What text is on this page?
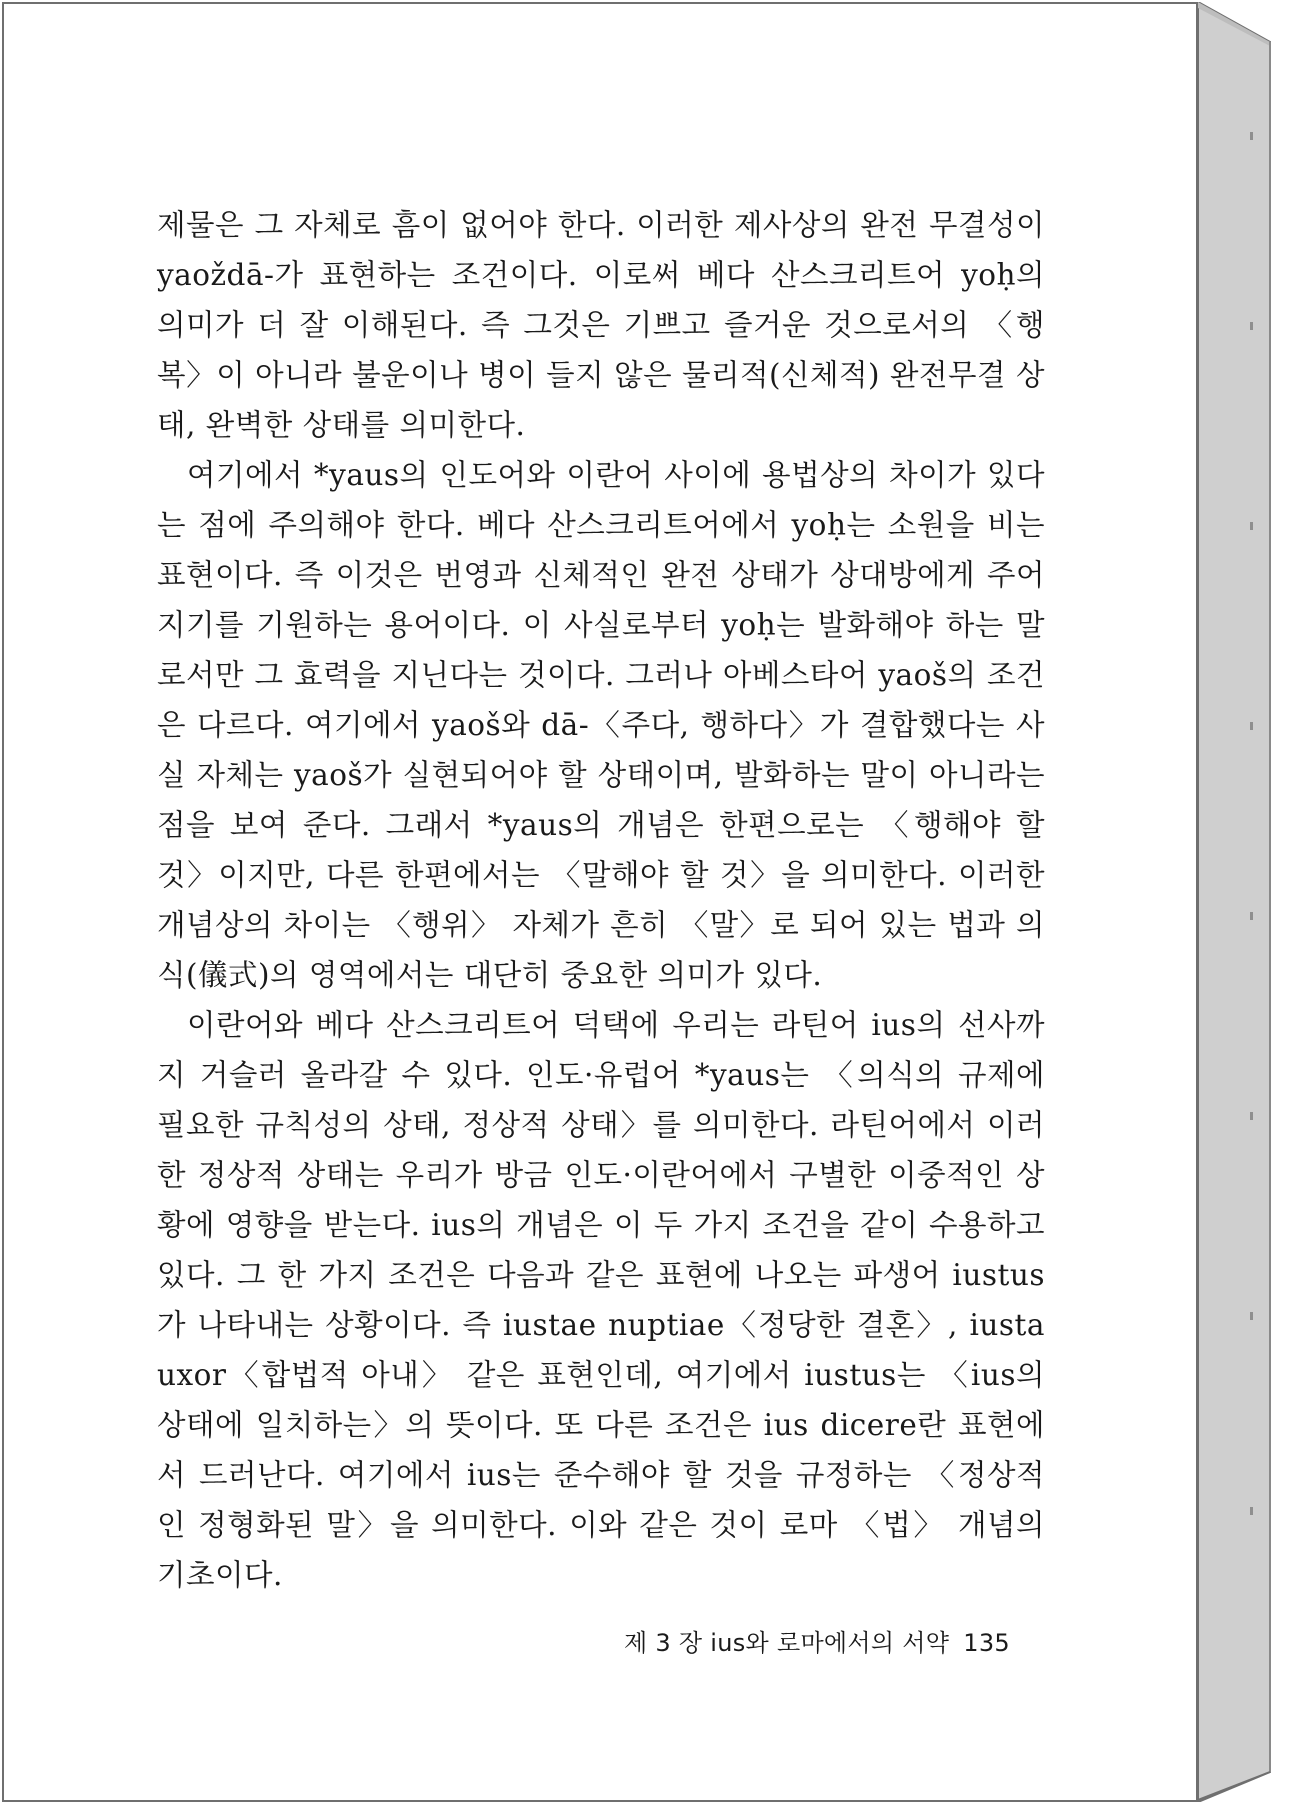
제물은 그 자체로 흠이 없어야 한다. 이러한 제사상의 완전 무결성이 yaoždā-가 표현하는 조건이다. 이로써 베다 산스크리트어 yoḥ의 의미가 더 잘 이해된다. 즉 그것은 기쁘고 즐거운 것으로서의 〈행복〉이 아니라 불운이나 병이 들지 않은 물리적(신체적) 완전무결 상태, 완벽한 상태를 의미한다.

여기에서 *yaus의 인도어와 이란어 사이에 용법상의 차이가 있다는 점에 주의해야 한다. 베다 산스크리트어에서 yoḥ는 소원을 비는 표현이다. 즉 이것은 번영과 신체적인 완전 상태가 상대방에게 주어지기를 기원하는 용어이다. 이 사실로부터 yoḥ는 발화해야 하는 말로서만 그 효력을 지닌다는 것이다. 그러나 아베스타어 yaoš의 조건은 다르다. 여기에서 yaoš와 dā-〈주다, 행하다〉가 결합했다는 사실 자체는 yaoš가 실현되어야 할 상태이며, 발화하는 말이 아니라는 점을 보여 준다. 그래서 *yaus의 개념은 한편으로는 〈행해야 할 것〉이지만, 다른 한편에서는 〈말해야 할 것〉을 의미한다. 이러한 개념상의 차이는 〈행위〉 자체가 흔히 〈말〉로 되어 있는 법과 의식(儀式)의 영역에서는 대단히 중요한 의미가 있다.

이란어와 베다 산스크리트어 덕택에 우리는 라틴어 ius의 선사까지 거슬러 올라갈 수 있다. 인도·유럽어 *yaus는 〈의식의 규제에 필요한 규칙성의 상태, 정상적 상태〉를 의미한다. 라틴어에서 이러한 정상적 상태는 우리가 방금 인도·이란어에서 구별한 이중적인 상황에 영향을 받는다. ius의 개념은 이 두 가지 조건을 같이 수용하고 있다. 그 한 가지 조건은 다음과 같은 표현에 나오는 파생어 iustus가 나타내는 상황이다. 즉 iustae nuptiae〈정당한 결혼〉, iusta uxor〈합법적 아내〉 같은 표현인데, 여기에서 iustus는 〈ius의 상태에 일치하는〉의 뜻이다. 또 다른 조건은 ius dicere란 표현에서 드러난다. 여기에서 ius는 준수해야 할 것을 규정하는 〈정상적인 정형화된 말〉을 의미한다. 이와 같은 것이 로마 〈법〉 개념의 기초이다.

제 3 장 ius와 로마에서의 서약 135
